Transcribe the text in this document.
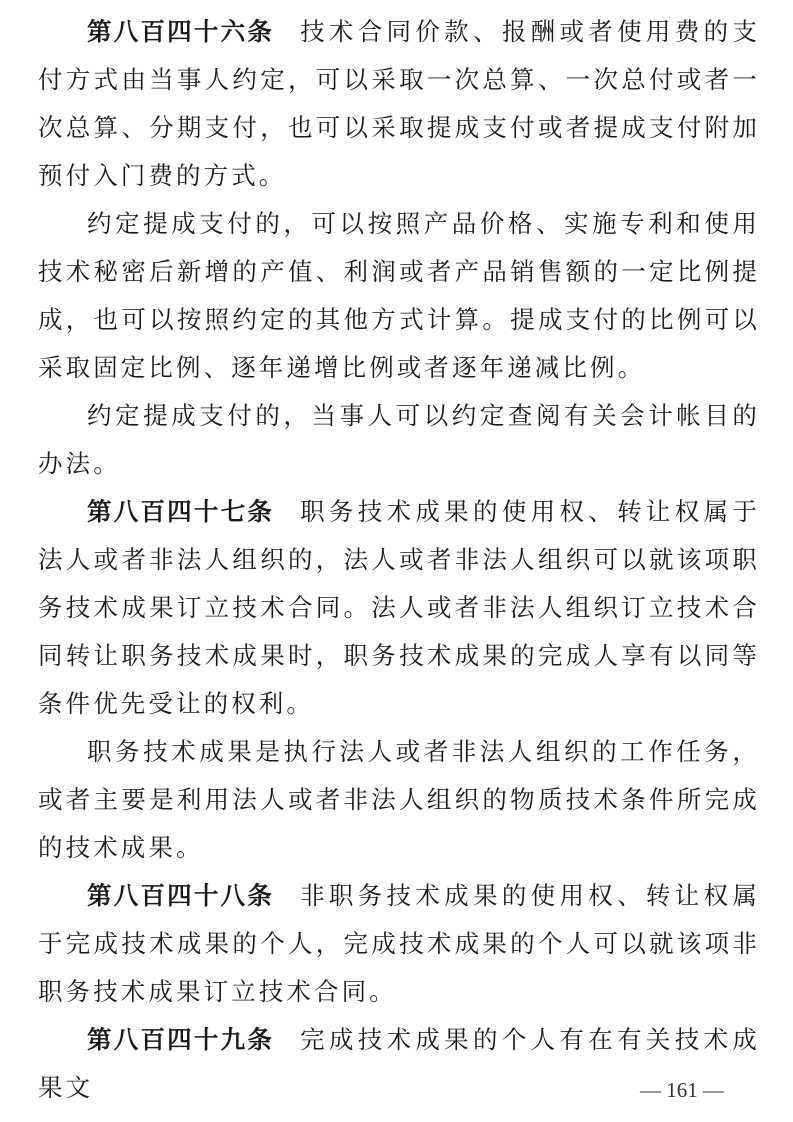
第八百四十六条 技术合同价款、报酬或者使用费的支付方式由当事人约定，可以采取一次总算、一次总付或者一次总算、分期支付，也可以采取提成支付或者提成支付附加预付入门费的方式。

约定提成支付的，可以按照产品价格、实施专利和使用技术秘密后新增的产值、利润或者产品销售额的一定比例提成，也可以按照约定的其他方式计算。提成支付的比例可以采取固定比例、逐年递增比例或者逐年递减比例。

约定提成支付的，当事人可以约定查阅有关会计帐目的办法。

第八百四十七条 职务技术成果的使用权、转让权属于法人或者非法人组织的，法人或者非法人组织可以就该项职务技术成果订立技术合同。法人或者非法人组织订立技术合同转让职务技术成果时，职务技术成果的完成人享有以同等条件优先受让的权利。

职务技术成果是执行法人或者非法人组织的工作任务，或者主要是利用法人或者非法人组织的物质技术条件所完成的技术成果。

第八百四十八条 非职务技术成果的使用权、转让权属于完成技术成果的个人，完成技术成果的个人可以就该项非职务技术成果订立技术合同。

第八百四十九条 完成技术成果的个人有在有关技术成果文	— 161 —
